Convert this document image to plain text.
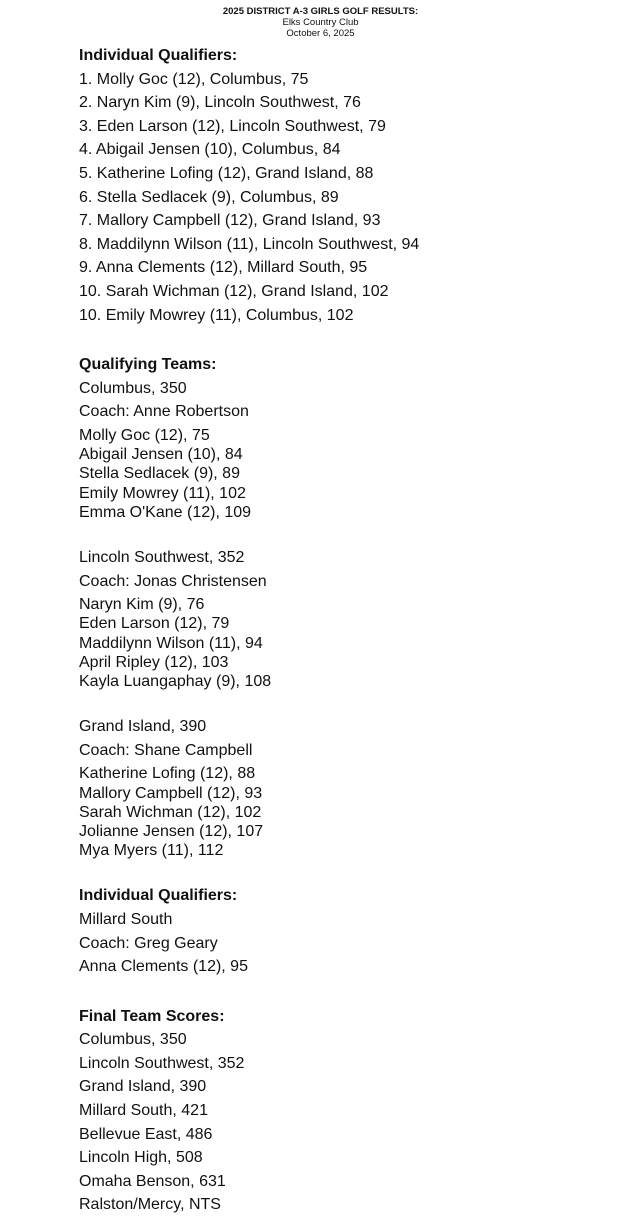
2025 DISTRICT A-3 GIRLS GOLF RESULTS:
Elks Country Club
October 6, 2025
Individual Qualifiers:
1. Molly Goc (12), Columbus, 75
2. Naryn Kim (9), Lincoln Southwest, 76
3. Eden Larson (12), Lincoln Southwest, 79
4. Abigail Jensen (10), Columbus, 84
5. Katherine Lofing (12), Grand Island, 88
6. Stella Sedlacek (9), Columbus, 89
7. Mallory Campbell (12), Grand Island, 93
8. Maddilynn Wilson (11), Lincoln Southwest, 94
9. Anna Clements (12), Millard South, 95
10. Sarah Wichman (12), Grand Island, 102
10. Emily Mowrey (11), Columbus, 102
Qualifying Teams:
Columbus, 350
Coach: Anne Robertson
Molly Goc (12), 75
Abigail Jensen (10), 84
Stella Sedlacek (9), 89
Emily Mowrey (11), 102
Emma O'Kane (12), 109
Lincoln Southwest, 352
Coach: Jonas Christensen
Naryn Kim (9), 76
Eden Larson (12), 79
Maddilynn Wilson (11), 94
April Ripley (12), 103
Kayla Luangaphay (9), 108
Grand Island, 390
Coach: Shane Campbell
Katherine Lofing (12), 88
Mallory Campbell (12), 93
Sarah Wichman (12), 102
Jolianne Jensen (12), 107
Mya Myers (11), 112
Individual Qualifiers:
Millard South
Coach: Greg Geary
Anna Clements (12), 95
Final Team Scores:
Columbus, 350
Lincoln Southwest, 352
Grand Island, 390
Millard South, 421
Bellevue East, 486
Lincoln High, 508
Omaha Benson, 631
Ralston/Mercy, NTS
